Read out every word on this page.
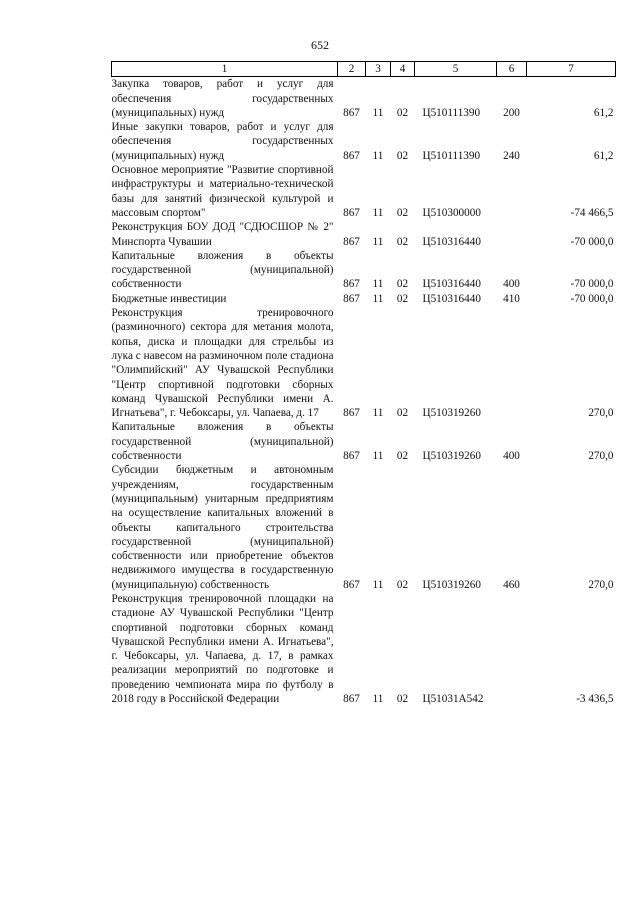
652
1	2	3	4	5	6	7
Закупка товаров, работ и услуг для обеспечения государственных (муниципальных) нужд	867	11	02	Ц510111390	200	61,2
Иные закупки товаров, работ и услуг для обеспечения государственных (муниципальных) нужд	867	11	02	Ц510111390	240	61,2
Основное мероприятие "Развитие спортивной инфраструктуры и материально-технической базы для занятий физической культурой и массовым спортом"	867	11	02	Ц510300000		-74 466,5
Реконструкция БОУ ДОД "СДЮСШОР № 2" Минспорта Чувашии	867	11	02	Ц510316440		-70 000,0
Капитальные вложения в объекты государственной (муниципальной) собственности	867	11	02	Ц510316440	400	-70 000,0
Бюджетные инвестиции	867	11	02	Ц510316440	410	-70 000,0
Реконструкция тренировочного (разминочного) сектора для метания молота, копья, диска и площадки для стрельбы из лука с навесом на разминочном поле стадиона "Олимпийский" АУ Чувашской Республики "Центр спортивной подготовки сборных команд Чувашской Республики имени А. Игнатьева", г. Чебоксары, ул. Чапаева, д. 17	867	11	02	Ц510319260		270,0
Капитальные вложения в объекты государственной (муниципальной) собственности	867	11	02	Ц510319260	400	270,0
Субсидии бюджетным и автономным учреждениям, государственным (муниципальным) унитарным предприятиям на осуществление капитальных вложений в объекты капитального строительства государственной (муниципальной) собственности или приобретение объектов недвижимого имущества в государственную (муниципальную) собственность	867	11	02	Ц510319260	460	270,0
Реконструкция тренировочной площадки на стадионе АУ Чувашской Республики "Центр спортивной подготовки сборных команд Чувашской Республики имени А. Игнатьева", г. Чебоксары, ул. Чапаева, д. 17, в рамках реализации мероприятий по подготовке и проведению чемпионата мира по футболу в 2018 году в Российской Федерации	867	11	02	Ц51031А542		-3 436,5
